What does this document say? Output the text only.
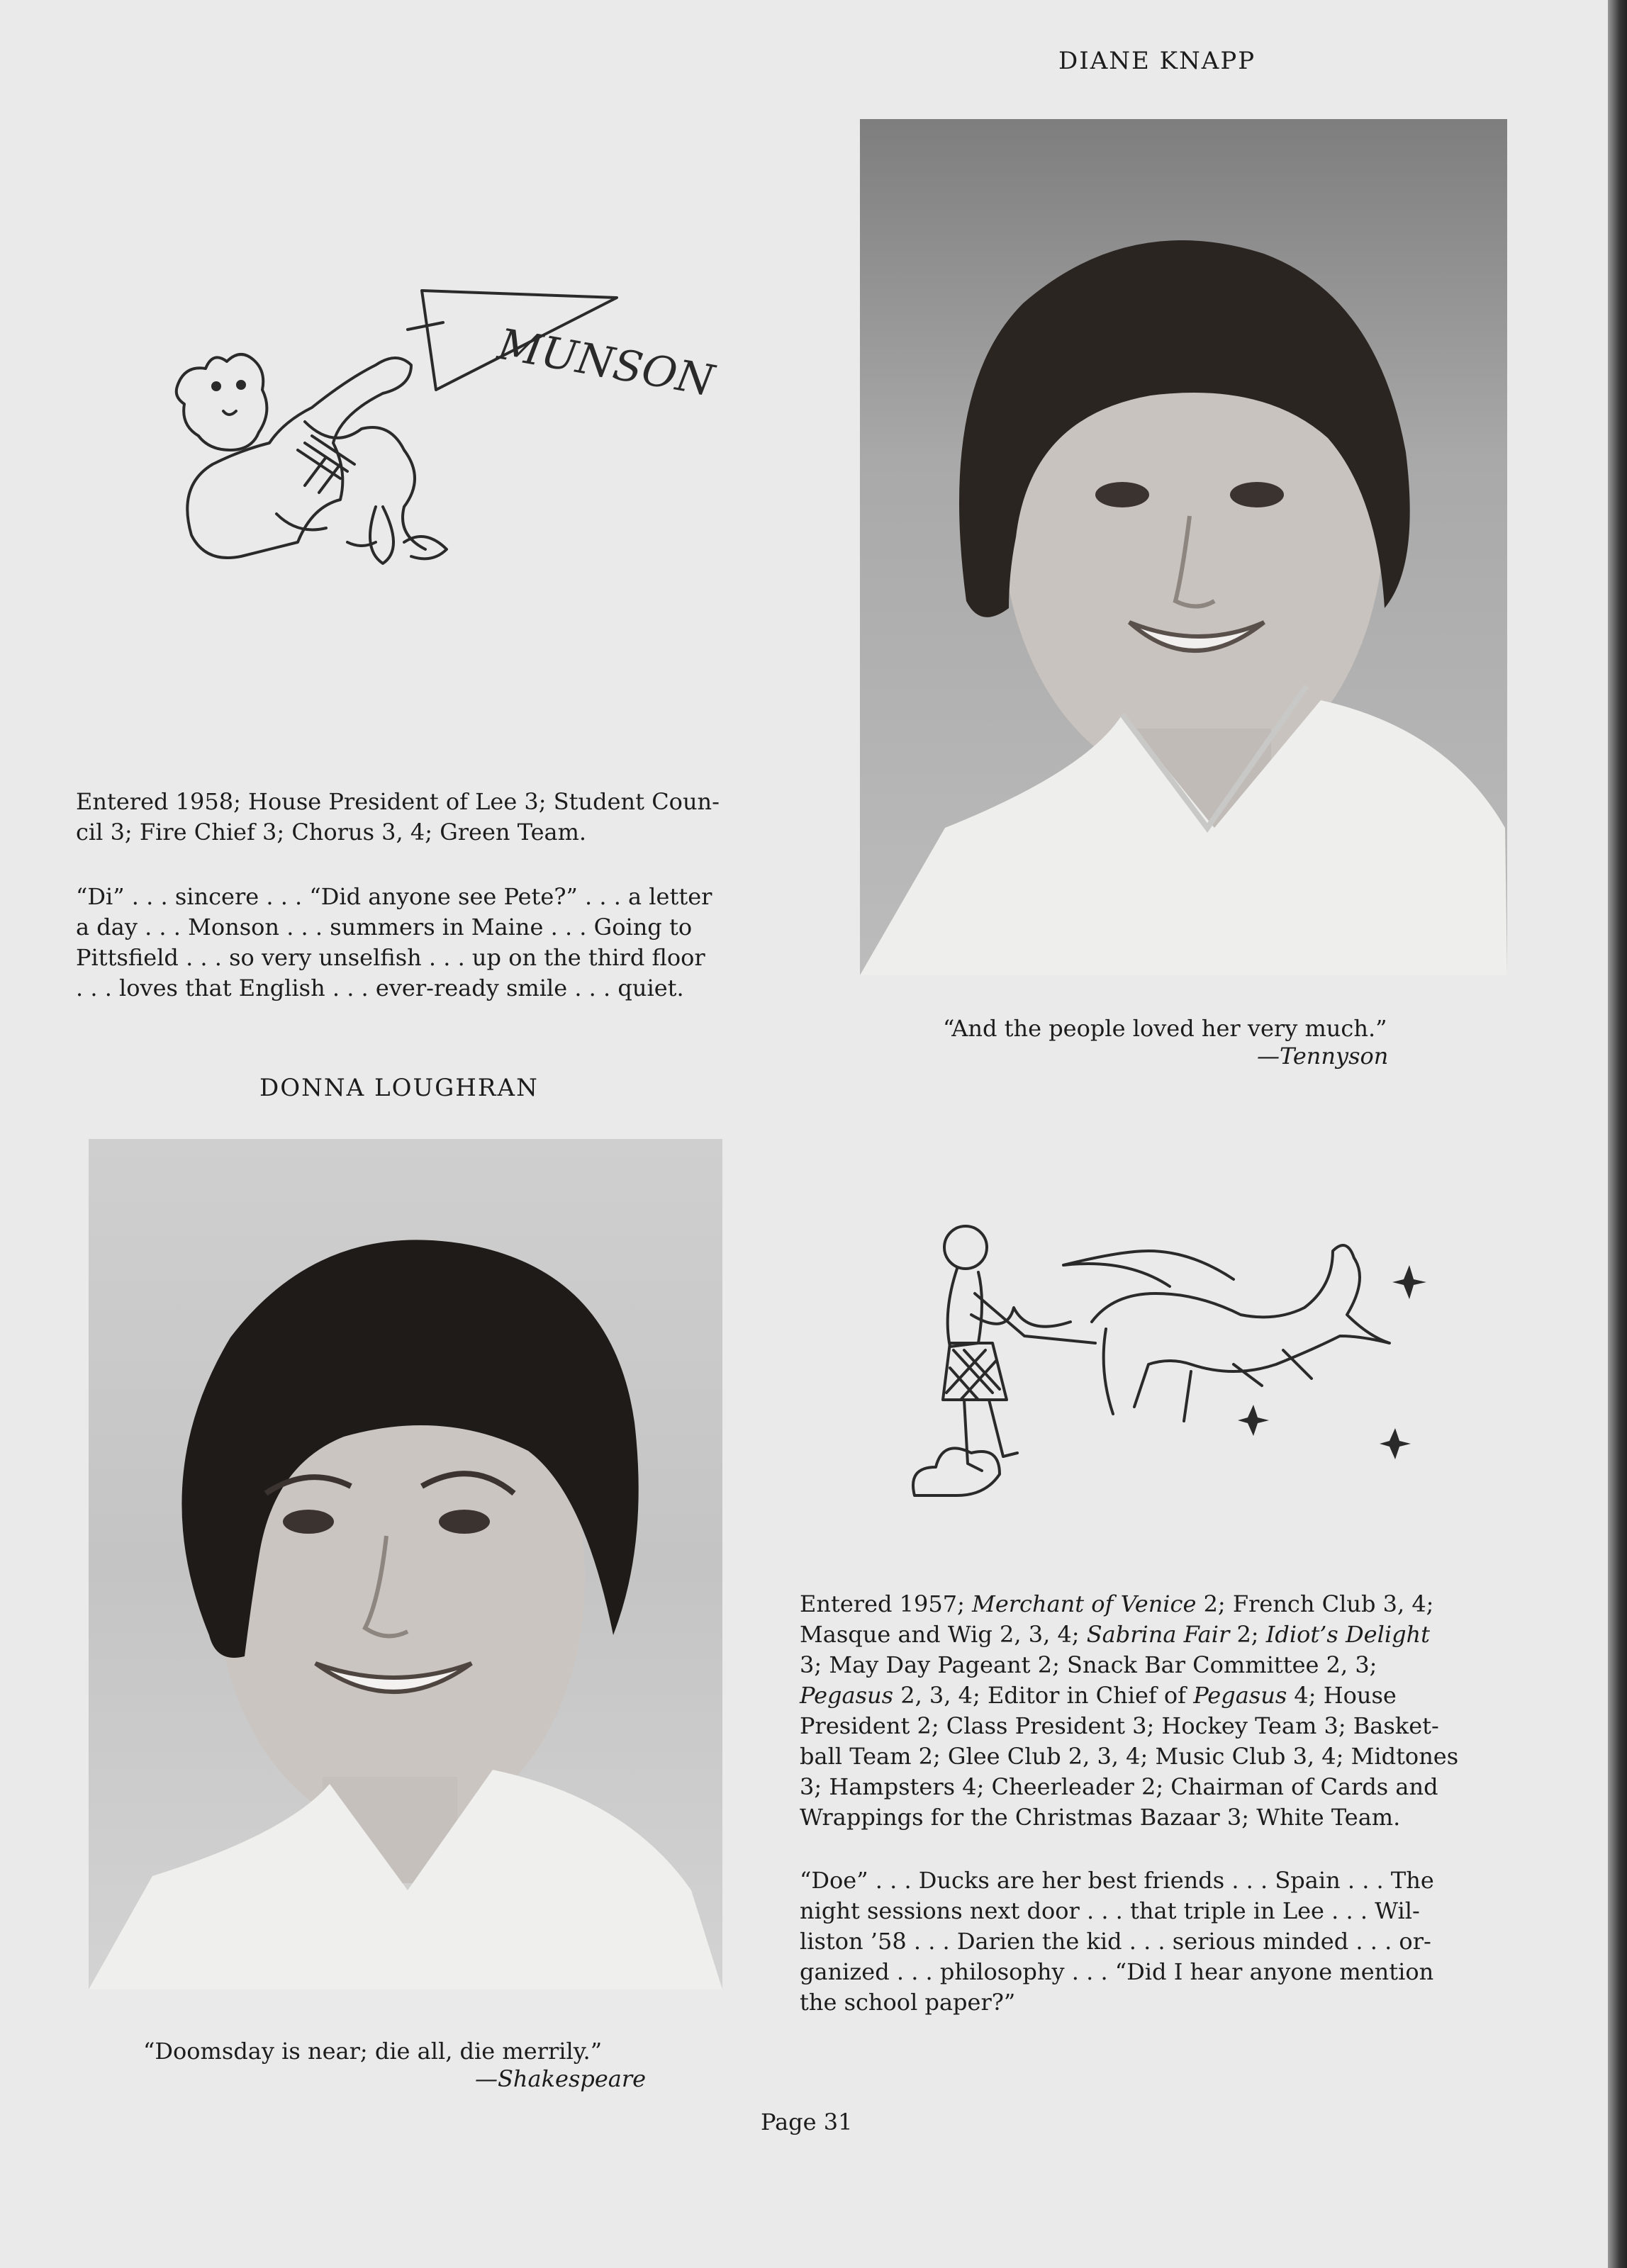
DIANE KNAPP
MUNSON

Entered 1958; House President of Lee 3; Student Coun-

cil 3; Fire Chief 3; Chorus 3, 4; Green Team.

“Di” . . . sincere . . . “Did anyone see Pete?” . . . a letter

a day . . . Monson . . . summers in Maine . . . Going to

Pittsfield . . . so very unselfish . . . up on the third floor

. . . loves that English . . . ever-ready smile . . . quiet.

“And the people loved her very much.”
—Tennyson
DONNA LOUGHRAN

Entered 1957; Merchant of Venice 2; French Club 3, 4;

Masque and Wig 2, 3, 4; Sabrina Fair 2; Idiot’s Delight

3; May Day Pageant 2; Snack Bar Committee 2, 3;

Pegasus 2, 3, 4; Editor in Chief of Pegasus 4; House

President 2; Class President 3; Hockey Team 3; Basket-

ball Team 2; Glee Club 2, 3, 4; Music Club 3, 4; Midtones

3; Hampsters 4; Cheerleader 2; Chairman of Cards and

Wrappings for the Christmas Bazaar 3; White Team.

“Doe” . . . Ducks are her best friends . . . Spain . . . The

night sessions next door . . . that triple in Lee . . . Wil-

liston ’58 . . . Darien the kid . . . serious minded . . . or-

ganized . . . philosophy . . . “Did I hear anyone mention

the school paper?”

“Doomsday is near; die all, die merrily.”
—Shakespeare
Page 31
